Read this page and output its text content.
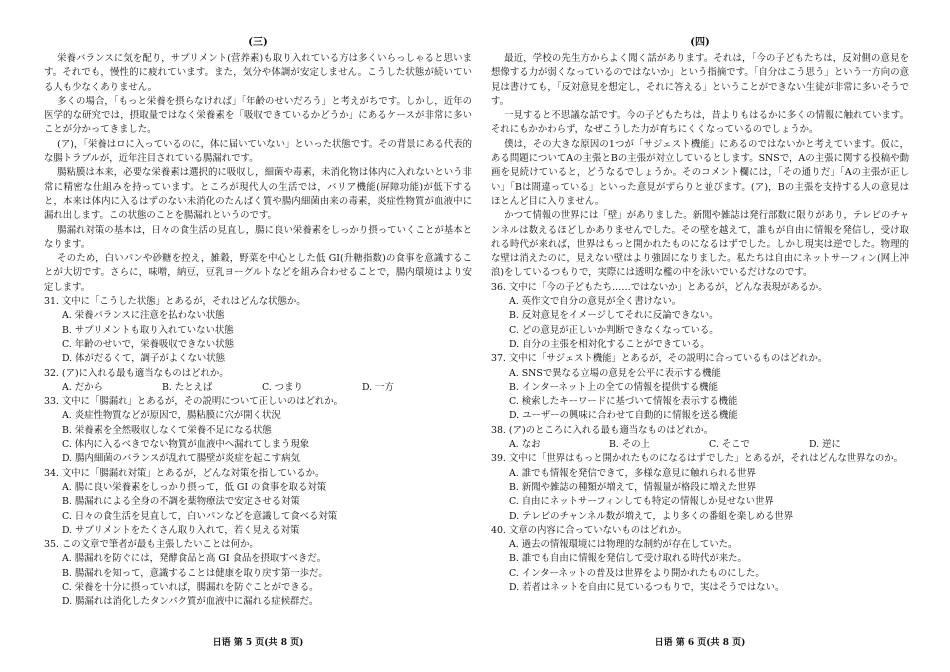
(三)

栄養バランスに気を配り，サプリメント(营养素)も取り入れている方は多くいらっしゃると思います。それでも，慢性的に疲れています。また，気分や体調が安定しません。こうした状態が続いている人も少なくありません。

多くの場合，「もっと栄養を摂らなければ」「年齢のせいだろう」と考えがちです。しかし，近年の医学的な研究では，摂取量ではなく栄養素を「吸収できているかどうか」にあるケースが非常に多いことが分かってきました。

(ア)，「栄養はロに入っているのに，体に届いていない」といった状態です。その背景にある代表的な腸トラブルが，近年注目されている腸漏れです。

腸粘膜は本来，必要な栄養素は選択的に吸収し，細菌や毒素，未消化物は体内に入れないという非常に精密な仕組みを持っています。ところが現代人の生活では，バリア機能(屏障功能)が低下すると，本来は体内に入るはずのない未消化のたんぱく質や腸内細菌由来の毒素，炎症性物質が血液中に漏れ出します。この状態のことを腸漏れというのです。

腸漏れ対策の基本は，日々の食生活の見直し，腸に良い栄養素をしっかり摂っていくことが基本となります。

そのため，白いパンや砂糖を控え，雑穀，野菜を中心とした低 GI(升糖指数)の食事を意識することが大切です。さらに，味噌，納豆，豆乳ヨーグルトなどを組み合わせることで，腸内環境はより安定します。

31. 文中に「こうした状態」とあるが，それはどんな状態か。

A. 栄養バランスに注意を払わない状態

B. サプリメントも取り入れていない状態

C. 年齢のせいで，栄養吸収できない状態

D. 体がだるくて，調子がよくない状態

32. (ア)に入れる最も適当なものはどれか。

A. だから	B. たとえば	C. つまり	D. 一方

33. 文中に「腸漏れ」とあるが，その説明について正しいのはどれか。

A. 炎症性物質などが原因で，腸粘膜に穴が開く状況

B. 栄養素を全然吸収しなくて栄養不足になる状態

C. 体内に入るべきでない物質が血液中へ漏れてしまう現象

D. 腸内細菌のバランスが乱れて腸壁が炎症を起こす病気

34. 文中に「腸漏れ対策」とあるが，どんな対策を指しているか。

A. 腸に良い栄養素をしっかり摂って，低 GI の食事を取る対策

B. 腸漏れによる全身の不調を薬物療法で安定させる対策

C. 日々の食生活を見直して，白いパンなどを意識して食べる対策

D. サプリメントをたくさん取り入れて，若く見える対策

35. この文章で筆者が最も主張したいことは何か。

A. 腸漏れを防ぐには，発酵食品と高 GI 食品を摂取すべきだ。

B. 腸漏れを知って，意識することは健康を取り戻す第一歩だ。

C. 栄養を十分に摂っていれば，腸漏れを防ぐことができる。

D. 腸漏れは消化したタンパク質が血液中に漏れる症候群だ。

(四)

最近，学校の先生方からよく聞く話があります。それは，「今の子どもたちは，反対側の意見を想像する力が弱くなっているのではないか」という指摘です。「自分はこう思う」という一方向の意見は書けても，「反対意見を想定し，それに答える」ということができない生徒が非常に多いそうです。

一見すると不思議な話です。今の子どもたちは，昔よりもはるかに多くの情報に触れています。それにもかかわらず，なぜこうした力が育ちにくくなっているのでしょうか。

僕は，その大きな原因の1つが「サジェスト機能」にあるのではないかと考えています。仮に，ある問題についてAの主張とBの主張が対立しているとします。SNSで，Aの主張に関する投稿や動画を見続けていると，どうなるでしょうか。そのコメント欄には，「その通りだ」「Aの主張が正しい」「Bは間違っている」といった意見がずらりと並びます。(ア)，Bの主張を支持する人の意見はほとんど目に入りません。

かつて情報の世界には「壁」がありました。新聞や雑誌は発行部数に限りがあり，テレビのチャンネルは数えるほどしかありませんでした。その壁を越えて，誰もが自由に情報を発信し，受け取れる時代が来れば，世界はもっと開かれたものになるはずでした。しかし現実は逆でした。物理的な壁は消えたのに，見えない壁はより強固になりました。私たちは自由にネットサーフィン(网上冲浪)をしているつもりで，実際には透明な檻の中を泳いでいるだけなのです。

36. 文中に「今の子どもたち……ではないか」とあるが，どんな表現があるか。

A. 英作文で自分の意見が全く書けない。

B. 反対意見をイメージしてそれに反論できない。

C. どの意見が正しいか判断できなくなっている。

D. 自分の主張を相対化することができている。

37. 文中に「サジェスト機能」とあるが，その説明に合っているものはどれか。

A. SNSで異なる立場の意見を公平に表示する機能

B. インターネット上の全ての情報を提供する機能

C. 検索したキーワードに基づいて情報を表示する機能

D. ユーザーの興味に合わせて自動的に情報を送る機能

38. (ア)のところに入れる最も適当なものはどれか。

A. なお	B. その上	C. そこで	D. 逆に

39. 文中に「世界はもっと開かれたものになるはずでした」とあるが，それはどんな世界なのか。

A. 誰でも情報を発信できて，多様な意見に触れられる世界

B. 新聞や雑誌の種類が増えて，情報量が格段に増えた世界

C. 自由にネットサーフィンしても特定の情報しか見せない世界

D. テレビのチャンネル数が増えて，より多くの番組を楽しめる世界

40. 文章の内容に合っていないものはどれか。

A. 過去の情報環境には物理的な制約が存在していた。

B. 誰でも自由に情報を発信して受け取れる時代が来た。

C. インターネットの普及は世界をより開かれたものにした。

D. 若者はネットを自由に見ているつもりで，実はそうではない。

日语 第 5 页(共 8 页)	日语 第 6 页(共 8 页)
